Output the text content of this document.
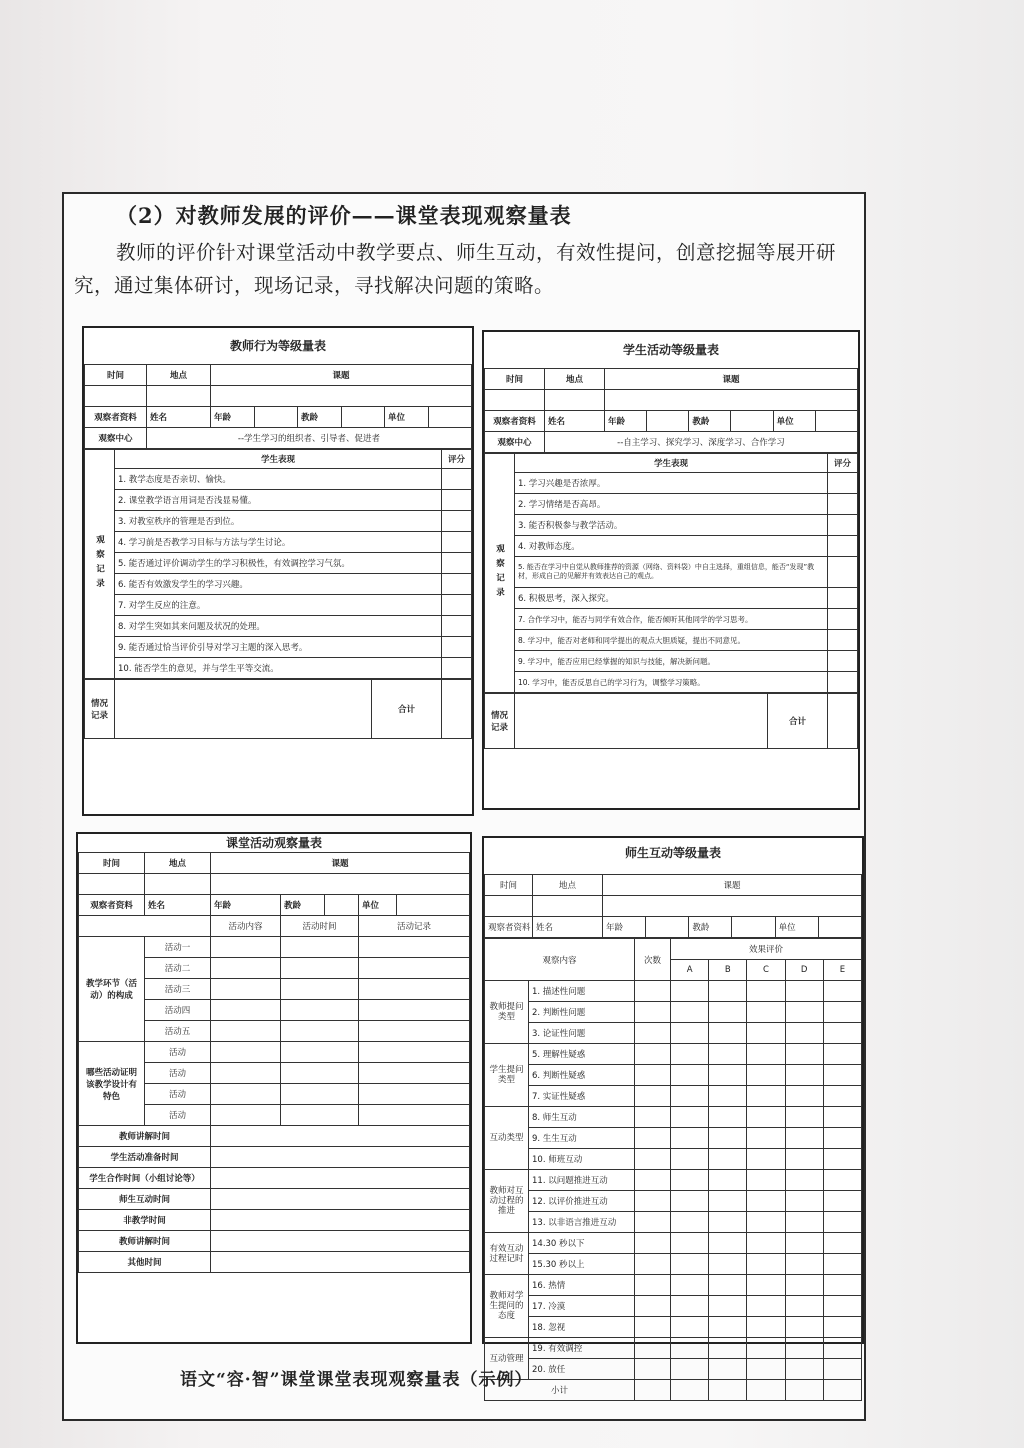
（2）对教师发展的评价——课堂表现观察量表
教师的评价针对课堂活动中教学要点、师生互动，有效性提问，创意挖掘等展开研究，通过集体研讨，现场记录，寻找解决问题的策略。
教师行为等级量表
时间	地点	课题					

观察者资料	姓名	年龄		教龄		单位	
观察中心	--学生学习的组织者、引导者、促进者						
观察记录	学生表现	评分
	1. 教学态度是否亲切、愉快。	
	2. 课堂教学语言用词是否浅显易懂。	
	3. 对教室秩序的管理是否到位。	
	4. 学习前是否教学习目标与方法与学生讨论。	
	5. 能否通过评价调动学生的学习积极性，有效调控学习气氛。	
	6. 能否有效激发学生的学习兴趣。	
	7. 对学生反应的注意。	
	8. 对学生突如其来问题及状况的处理。	
	9. 能否通过恰当评价引导对学习主题的深入思考。	
	10. 能否学生的意见，并与学生平等交流。	
情况记录		合计	
学生活动等级量表
时间	地点	课题					

观察者资料	姓名	年龄		教龄		单位	
观察中心	--自主学习、探究学习、深度学习、合作学习						
观察记录	学生表现	评分
	1. 学习兴趣是否浓厚。	
	2. 学习情绪是否高昂。	
	3. 能否积极参与教学活动。	
	4. 对教师态度。	
	5. 能否在学习中自觉从教师推荐的资源（网络、资料袋）中自主选择，重组信息，能否“发现”教材，形成自己的见解并有效表达自己的观点。	
	6. 积极思考，深入探究。	
	7. 合作学习中，能否与同学有效合作，能否倾听其他同学的学习思考。	
	8. 学习中，能否对老师和同学提出的观点大胆质疑，提出不同意见。	
	9. 学习中，能否应用已经掌握的知识与技能，解决新问题。	
	10. 学习中，能否反思自己的学习行为，调整学习策略。	
情况记录		合计	
课堂活动观察量表
时间	地点	课题				

观察者资料	姓名	年龄	教龄		单位	
		活动内容	活动时间		活动记录	
教学环节（活动）的构成	活动一					
	活动二					
	活动三					
	活动四					
	活动五					
哪些活动证明该教学设计有特色	活动					
	活动					
	活动					
	活动					
教师讲解时间						
学生活动准备时间						
学生合作时间（小组讨论等）						
师生互动时间						
非教学时间						
教师讲解时间						
其他时间						
师生互动等级量表
时间	地点	课题					

观察者资料	姓名	年龄		教龄		单位	
观察内容		次数	效果评价				
			A	B	C	D	E
教师提问类型	1. 描述性问题						
	2. 判断性问题						
	3. 论证性问题						
学生提问类型	5. 理解性疑惑						
	6. 判断性疑惑						
	7. 实证性疑惑						
互动类型	8. 师生互动						
	9. 生生互动						
	10. 师班互动						
教师对互动过程的推进	11. 以问题推进互动						
	12. 以评价推进互动						
	13. 以非语言推进互动						
有效互动过程记时	14.30 秒以下						
	15.30 秒以上						
教师对学生提问的态度	16. 热情						
	17. 冷漠						
	18. 忽视						
互动管理	19. 有效调控						
	20. 放任						
小计							
语文“容·智”课堂课堂表现观察量表（示例）
